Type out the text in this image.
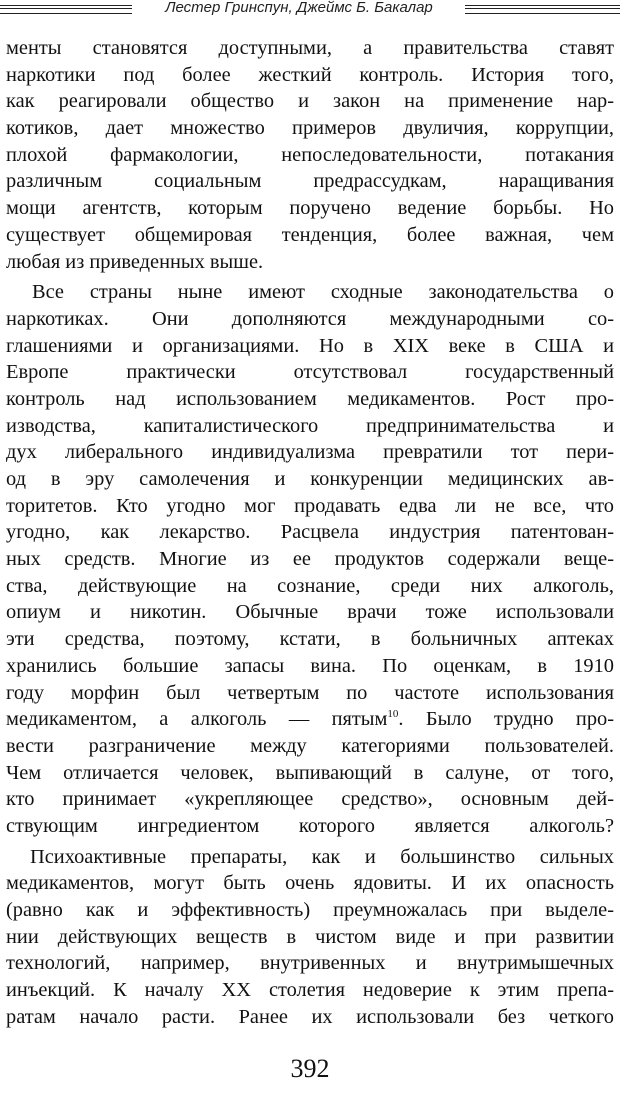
Лестер Гринспун, Джеймс Б. Бакалар
менты становятся доступными, а правительства ставят
наркотики под более жесткий контроль. История того,
как реагировали общество и закон на применение нар-
котиков, дает множество примеров двуличия, коррупции,
плохой фармакологии, непоследовательности, потакания
различным социальным предрассудкам, наращивания
мощи агентств, которым поручено ведение борьбы. Но
существует общемировая тенденция, более важная, чем
любая из приведенных выше.
Все страны ныне имеют сходные законодательства о
наркотиках. Они дополняются международными со-
глашениями и организациями. Но в XIX веке в США и
Европе практически отсутствовал государственный
контроль над использованием медикаментов. Рост про-
изводства, капиталистического предпринимательства и
дух либерального индивидуализма превратили тот пери-
од в эру самолечения и конкуренции медицинских ав-
торитетов. Кто угодно мог продавать едва ли не все, что
угодно, как лекарство. Расцвела индустрия патентован-
ных средств. Многие из ее продуктов содержали веще-
ства, действующие на сознание, среди них алкоголь,
опиум и никотин. Обычные врачи тоже использовали
эти средства, поэтому, кстати, в больничных аптеках
хранились большие запасы вина. По оценкам, в 1910
году морфин был четвертым по частоте использования
медикаментом, а алкоголь — пятым$^{10}$. Было трудно про-
вести разграничение между категориями пользователей.
Чем отличается человек, выпивающий в салуне, от того,
кто принимает «укрепляющее средство», основным дей-
ствующим ингредиентом которого является алкоголь?
Психоактивные препараты, как и большинство сильных
медикаментов, могут быть очень ядовиты. И их опасность
(равно как и эффективность) преумножалась при выделе-
нии действующих веществ в чистом виде и при развитии
технологий, например, внутривенных и внутримышечных
инъекций. К началу XX столетия недоверие к этим препа-
ратам начало расти. Ранее их использовали без четкого
392
